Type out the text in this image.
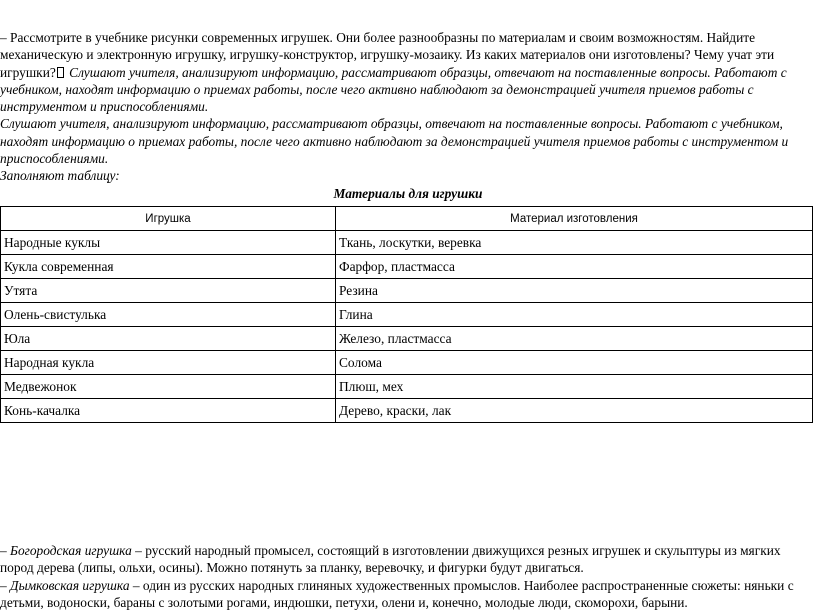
– Рассмотрите в учебнике рисунки современных игрушек. Они более разнообразны по материалам и своим возможностям. Найдите механическую и электронную игрушку, игрушку-конструктор, игрушку-мозаику. Из каких материалов они изготовлены? Чему учат эти игрушки? Слушают учителя, анализируют информацию, рассматривают образцы, отвечают на поставленные вопросы. Работают с учебником, находят информацию о приемах работы, после чего активно наблюдают за демонстрацией учителя приемов работы с инструментом и приспособлениями.

Слушают учителя, анализируют информацию, рассматривают образцы, отвечают на поставленные вопросы. Работают с учебником, находят информацию о приемах работы, после чего активно наблюдают за демонстрацией учителя приемов работы с инструментом и приспособлениями.

Заполняют таблицу:

Материалы для игрушки
Игрушка	Материал изготовления
Народные куклы	Ткань, лоскутки, веревка
Кукла современная	Фарфор, пластмасса
Утята	Резина
Олень-свистулька	Глина
Юла	Железо, пластмасса
Народная кукла	Солома
Медвежонок	Плюш, мех
Конь-качалка	Дерево, краски, лак

– Богородская игрушка – русский народный промысел, состоящий в изготовлении движущихся резных игрушек и скульптуры из мягких пород дерева (липы, ольхи, осины). Можно потянуть за планку, веревочку, и фигурки будут двигаться.

– Дымковская игрушка – один из русских народных глиняных художественных промыслов. Наиболее распространенные сюжеты: няньки с детьми, водоноски, бараны с золотыми рогами, индюшки, петухи, олени и, конечно, молодые люди, скоморохи, барыни.
